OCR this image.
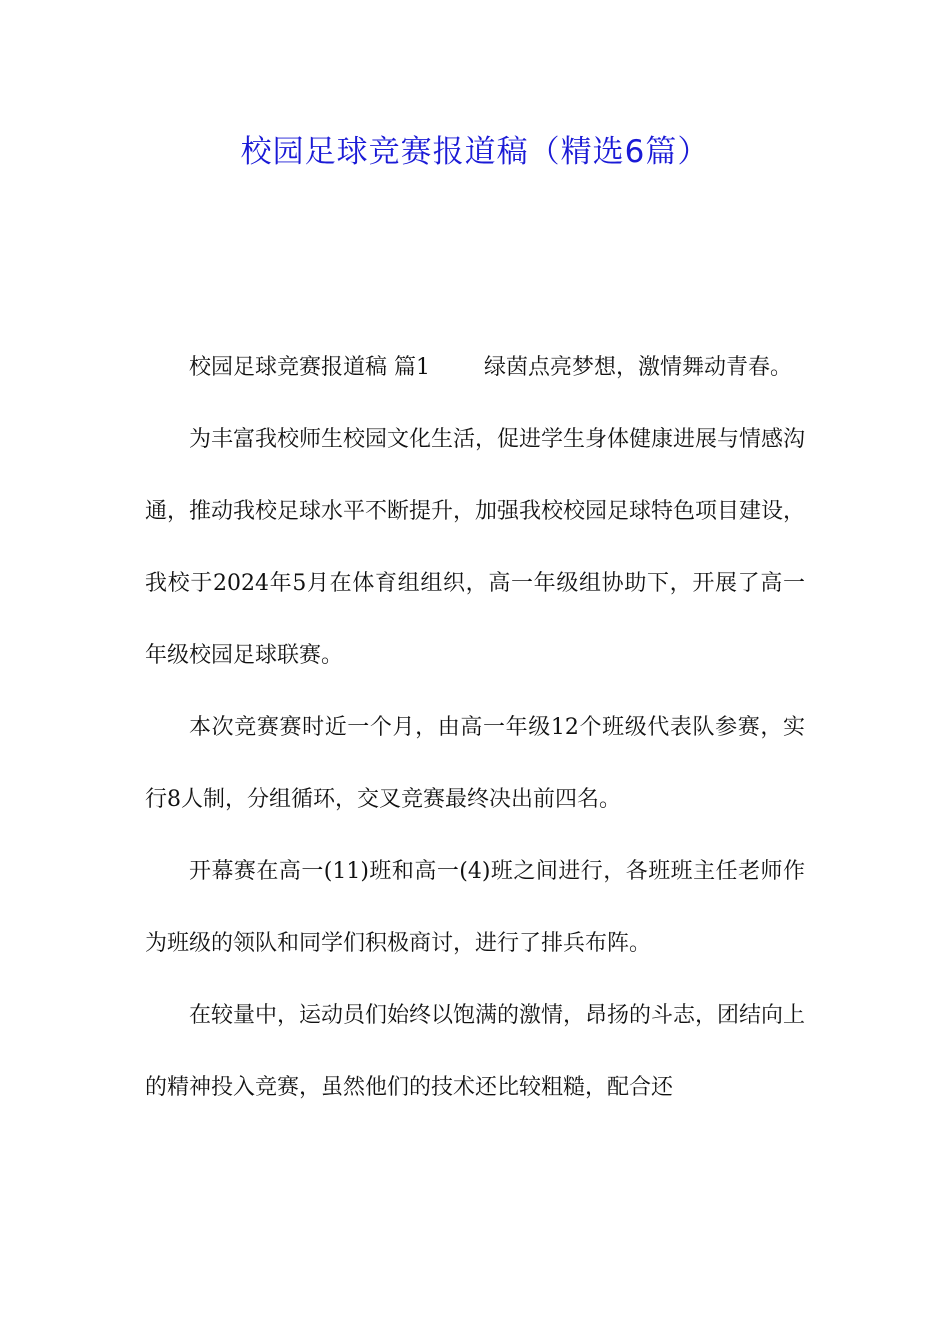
校园足球竞赛报道稿（精选6篇）

校园足球竞赛报道稿 篇1 绿茵点亮梦想，激情舞动青春。

为丰富我校师生校园文化生活，促进学生身体健康进展与情感沟通，推动我校足球水平不断提升，加强我校校园足球特色项目建设，我校于2024年5月在体育组组织，高一年级组协助下，开展了高一年级校园足球联赛。

本次竞赛赛时近一个月，由高一年级12个班级代表队参赛，实行8人制，分组循环，交叉竞赛最终决出前四名。

开幕赛在高一(11)班和高一(4)班之间进行，各班班主任老师作为班级的领队和同学们积极商讨，进行了排兵布阵。

在较量中，运动员们始终以饱满的激情，昂扬的斗志，团结向上的精神投入竞赛，虽然他们的技术还比较粗糙，配合还
